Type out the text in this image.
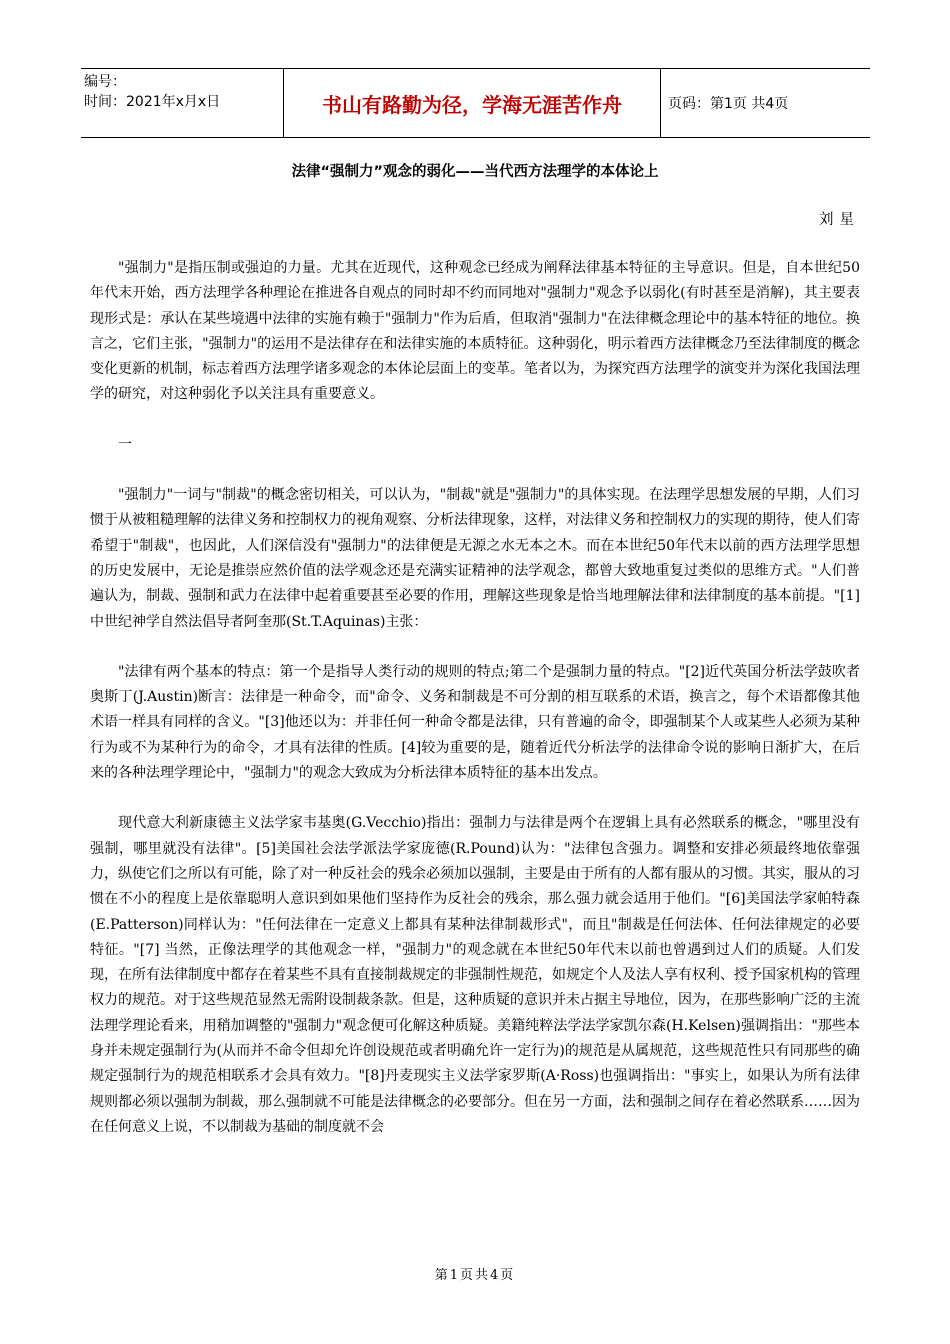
编号：
时间：2021年x月x日	书山有路勤为径，学海无涯苦作舟	页码：第1页 共4页
法律“强制力”观念的弱化——当代西方法理学的本体论上
刘星

"强制力"是指压制或强迫的力量。尤其在近现代，这种观念已经成为阐释法律基本特征的主导意识。但是，自本世纪50年代末开始，西方法理学各种理论在推进各自观点的同时却不约而同地对"强制力"观念予以弱化(有时甚至是消解)，其主要表现形式是：承认在某些境遇中法律的实施有赖于"强制力"作为后盾，但取消"强制力"在法律概念理论中的基本特征的地位。换言之，它们主张，"强制力"的运用不是法律存在和法律实施的本质特征。这种弱化，明示着西方法律概念乃至法律制度的概念变化更新的机制，标志着西方法理学诸多观念的本体论层面上的变革。笔者以为，为探究西方法理学的演变并为深化我国法理学的研究，对这种弱化予以关注具有重要意义。

一

"强制力"一词与"制裁"的概念密切相关，可以认为，"制裁"就是"强制力"的具体实现。在法理学思想发展的早期，人们习惯于从被粗糙理解的法律义务和控制权力的视角观察、分析法律现象，这样，对法律义务和控制权力的实现的期待，使人们寄希望于"制裁"，也因此，人们深信没有"强制力"的法律便是无源之水无本之木。而在本世纪50年代末以前的西方法理学思想的历史发展中，无论是推崇应然价值的法学观念还是充满实证精神的法学观念，都曾大致地重复过类似的思维方式。"人们普遍认为，制裁、强制和武力在法律中起着重要甚至必要的作用，理解这些现象是恰当地理解法律和法律制度的基本前提。"[1]中世纪神学自然法倡导者阿奎那(St.T.Aquinas)主张：

"法律有两个基本的特点：第一个是指导人类行动的规则的特点;第二个是强制力量的特点。"[2]近代英国分析法学鼓吹者奥斯丁(J.Austin)断言：法律是一种命令，而"命令、义务和制裁是不可分割的相互联系的术语，换言之，每个术语都像其他术语一样具有同样的含义。"[3]他还以为：并非任何一种命令都是法律，只有普遍的命令，即强制某个人或某些人必须为某种行为或不为某种行为的命令，才具有法律的性质。[4]较为重要的是，随着近代分析法学的法律命令说的影响日渐扩大，在后来的各种法理学理论中，"强制力"的观念大致成为分析法律本质特征的基本出发点。

现代意大利新康德主义法学家韦基奥(G.Vecchio)指出：强制力与法律是两个在逻辑上具有必然联系的概念，"哪里没有强制，哪里就没有法律"。[5]美国社会法学派法学家庞德(R.Pound)认为："法律包含强力。调整和安排必须最终地依靠强力，纵使它们之所以有可能，除了对一种反社会的残余必须加以强制，主要是由于所有的人都有服从的习惯。其实，服从的习惯在不小的程度上是依靠聪明人意识到如果他们坚持作为反社会的残余，那么强力就会适用于他们。"[6]美国法学家帕特森(E.Patterson)同样认为："任何法律在一定意义上都具有某种法律制裁形式"，而且"制裁是任何法体、任何法律规定的必要特征。"[7] 当然，正像法理学的其他观念一样，"强制力"的观念就在本世纪50年代末以前也曾遇到过人们的质疑。人们发现，在所有法律制度中都存在着某些不具有直接制裁规定的非强制性规范，如规定个人及法人享有权利、授予国家机构的管理权力的规范。对于这些规范显然无需附设制裁条款。但是，这种质疑的意识并未占据主导地位，因为，在那些影响广泛的主流法理学理论看来，用稍加调整的"强制力"观念便可化解这种质疑。美籍纯粹法学法学家凯尔森(H.Kelsen)强调指出："那些本身并未规定强制行为(从而并不命令但却允许创设规范或者明确允许一定行为)的规范是从属规范，这些规范性只有同那些的确规定强制行为的规范相联系才会具有效力。"[8]丹麦现实主义法学家罗斯(A·Ross)也强调指出："事实上，如果认为所有法律规则都必须以强制为制裁，那么强制就不可能是法律概念的必要部分。但在另一方面，法和强制之间存在着必然联系……因为在任何意义上说，不以制裁为基础的制度就不会

第1页共4页
